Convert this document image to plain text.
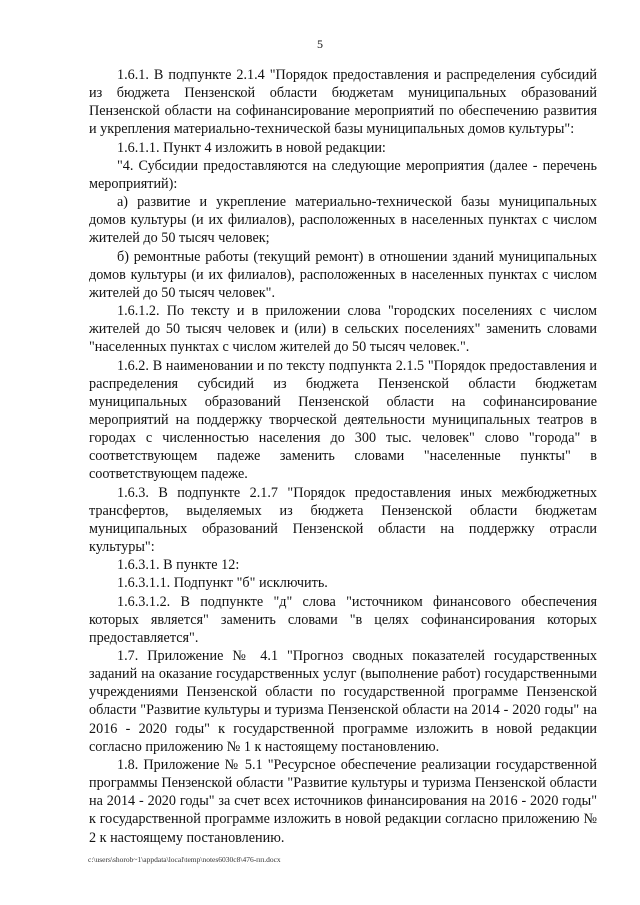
5

1.6.1. В подпункте 2.1.4 "Порядок предоставления и распределения субсидий из бюджета Пензенской области бюджетам муниципальных образований Пензенской области на софинансирование мероприятий по обеспечению развития и укрепления материально-технической базы муниципальных домов культуры":

1.6.1.1. Пункт 4 изложить в новой редакции:

"4. Субсидии предоставляются на следующие мероприятия (далее - перечень мероприятий):

а) развитие и укрепление материально-технической базы муниципальных домов культуры (и их филиалов), расположенных в населенных пунктах с числом жителей до 50 тысяч человек;

б) ремонтные работы (текущий ремонт) в отношении зданий муниципальных домов культуры (и их филиалов), расположенных в населенных пунктах с числом жителей до 50 тысяч человек".

1.6.1.2. По тексту и в приложении слова "городских поселениях с числом жителей до 50 тысяч человек и (или) в сельских поселениях" заменить словами "населенных пунктах с числом жителей до 50 тысяч человек.".

1.6.2. В наименовании и по тексту подпункта 2.1.5 "Порядок предоставления и распределения субсидий из бюджета Пензенской области бюджетам муниципальных образований Пензенской области на софинансирование мероприятий на поддержку творческой деятельности муниципальных театров в городах с численностью населения до 300 тыс. человек" слово "города" в соответствующем падеже заменить словами "населенные пункты" в соответствующем падеже.

1.6.3. В подпункте 2.1.7 "Порядок предоставления иных межбюджетных трансфертов, выделяемых из бюджета Пензенской области бюджетам муниципальных образований Пензенской области на поддержку отрасли культуры":

1.6.3.1. В пункте 12:

1.6.3.1.1. Подпункт "б" исключить.

1.6.3.1.2. В подпункте "д" слова "источником финансового обеспечения которых является" заменить словами "в целях софинансирования которых предоставляется".

1.7. Приложение № 4.1 "Прогноз сводных показателей государственных заданий на оказание государственных услуг (выполнение работ) государственными учреждениями Пензенской области по государственной программе Пензенской области "Развитие культуры и туризма Пензенской области на 2014 - 2020 годы" на 2016 - 2020 годы" к государственной программе изложить в новой редакции согласно приложению № 1 к настоящему постановлению.

1.8. Приложение № 5.1 "Ресурсное обеспечение реализации государственной программы Пензенской области "Развитие культуры и туризма Пензенской области на 2014 - 2020 годы" за счет всех источников финансирования на 2016 - 2020 годы" к государственной программе изложить в новой редакции согласно приложению № 2 к настоящему постановлению.

c:\users\shorob~1\appdata\local\temp\notes6030c8\476-пп.docx
